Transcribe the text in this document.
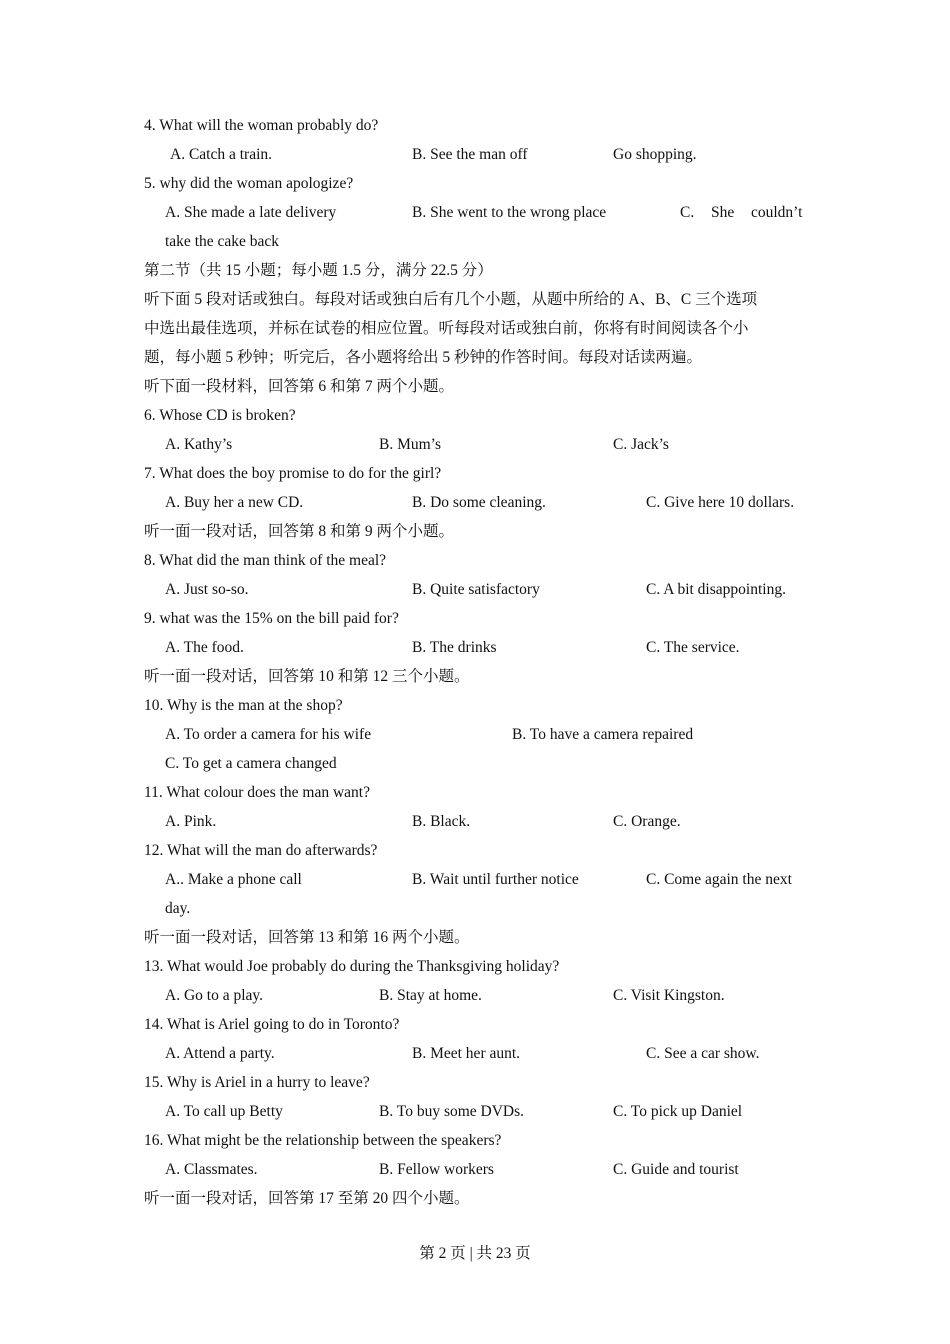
4. What will the woman probably do?
A. Catch a train.	B. See the man off	Go shopping.
5. why did the woman apologize?
A. She made a late delivery	B. She went to the wrong place	C. She couldn’t
take the cake back
第二节（共 15 小题；每小题 1.5 分，满分 22.5 分）
听下面 5 段对话或独白。每段对话或独白后有几个小题，从题中所给的 A、B、C 三个选项
中选出最佳选项，并标在试卷的相应位置。听每段对话或独白前，你将有时间阅读各个小
题，每小题 5 秒钟；听完后，各小题将给出 5 秒钟的作答时间。每段对话读两遍。
听下面一段材料，回答第 6 和第 7 两个小题。
6. Whose CD is broken?
A. Kathy’s	B. Mum’s	C. Jack’s
7. What does the boy promise to do for the girl?
A. Buy her a new CD.	B. Do some cleaning.	C. Give here 10 dollars.
听一面一段对话，回答第 8 和第 9 两个小题。
8. What did the man think of the meal?
A. Just so-so.	B. Quite satisfactory	C. A bit disappointing.
9. what was the 15% on the bill paid for?
A. The food.	B. The drinks	C. The service.
听一面一段对话，回答第 10 和第 12 三个小题。
10. Why is the man at the shop?
A. To order a camera for his wife	B. To have a camera repaired
C. To get a camera changed
11. What colour does the man want?
A. Pink.	B. Black.	C. Orange.
12. What will the man do afterwards?
A.. Make a phone call	B. Wait until further notice	C. Come again the next
day.
听一面一段对话，回答第 13 和第 16 两个小题。
13. What would Joe probably do during the Thanksgiving holiday?
A. Go to a play.	B. Stay at home.	C. Visit Kingston.
14. What is Ariel going to do in Toronto?
A. Attend a party.	B. Meet her aunt.	C. See a car show.
15. Why is Ariel in a hurry to leave?
A. To call up Betty	B. To buy some DVDs.	C. To pick up Daniel
16. What might be the relationship between the speakers?
A. Classmates.	B. Fellow workers	C. Guide and tourist
听一面一段对话，回答第 17 至第 20 四个小题。
第 2 页 | 共 23 页
